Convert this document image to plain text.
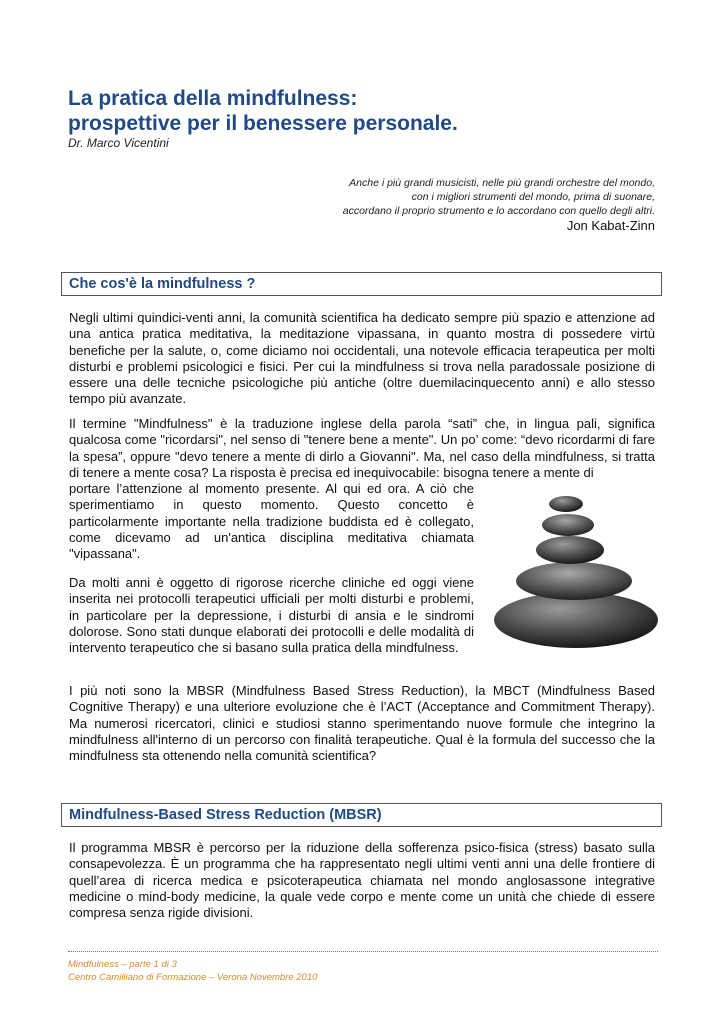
La pratica della mindfulness:
prospettive per il benessere personale.
Dr. Marco Vicentini
Anche i più grandi musicisti, nelle più grandi orchestre del mondo,
con i migliori strumenti del mondo, prima di suonare,
accordano il proprio strumento e lo accordano con quello degli altri.
Jon Kabat-Zinn
Che cos'è la mindfulness ?

Negli ultimi quindici-venti anni, la comunità scientifica ha dedicato sempre più spazio e attenzione ad una antica pratica meditativa, la meditazione vipassana, in quanto mostra di possedere virtù benefiche per la salute, o, come diciamo noi occidentali, una notevole efficacia terapeutica per molti disturbi e problemi psicologici e fisici. Per cui la mindfulness si trova nella paradossale posizione di essere una delle tecniche psicologiche più antiche (oltre duemilacinquecento anni) e allo stesso tempo più avanzate.

Il termine "Mindfulness" è la traduzione inglese della parola “sati” che, in lingua pali, significa qualcosa come "ricordarsi", nel senso di "tenere bene a mente". Un po’ come: “devo ricordarmi di fare la spesa”, oppure "devo tenere a mente di dirlo a Giovanni". Ma, nel caso della mindfulness, si tratta di tenere a mente cosa? La risposta è precisa ed inequivocabile: bisogna tenere a mente di

portare l’attenzione al momento presente. Al qui ed ora. A ciò che sperimentiamo in questo momento. Questo concetto è particolarmente importante nella tradizione buddista ed è collegato, come dicevamo ad un'antica disciplina meditativa chiamata "vipassana".

Da molti anni è oggetto di rigorose ricerche cliniche ed oggi viene inserita nei protocolli terapeutici ufficiali per molti disturbi e problemi, in particolare per la depressione, i disturbi di ansia e le sindromi dolorose. Sono stati dunque elaborati dei protocolli e delle modalità di intervento terapeutico che si basano sulla pratica della mindfulness.

I più noti sono la MBSR (Mindfulness Based Stress Reduction), la MBCT (Mindfulness Based Cognitive Therapy) e una ulteriore evoluzione che è l’ACT (Acceptance and Commitment Therapy). Ma numerosi ricercatori, clinici e studiosi stanno sperimentando nuove formule che integrino la mindfulness all'interno di un percorso con finalità terapeutiche. Qual è la formula del successo che la mindfulness sta ottenendo nella comunità scientifica?

Mindfulness-Based Stress Reduction (MBSR)

Il programma MBSR è percorso per la riduzione della sofferenza psico-fisica (stress) basato sulla consapevolezza. È un programma che ha rappresentato negli ultimi venti anni una delle frontiere di quell’area di ricerca medica e psicoterapeutica chiamata nel mondo anglosassone integrative medicine o mind-body medicine, la quale vede corpo e mente come un unità che chiede di essere compresa senza rigide divisioni.

Mindfulness – parte 1 di 3
Centro Camilliano di Formazione – Verona Novembre 2010
